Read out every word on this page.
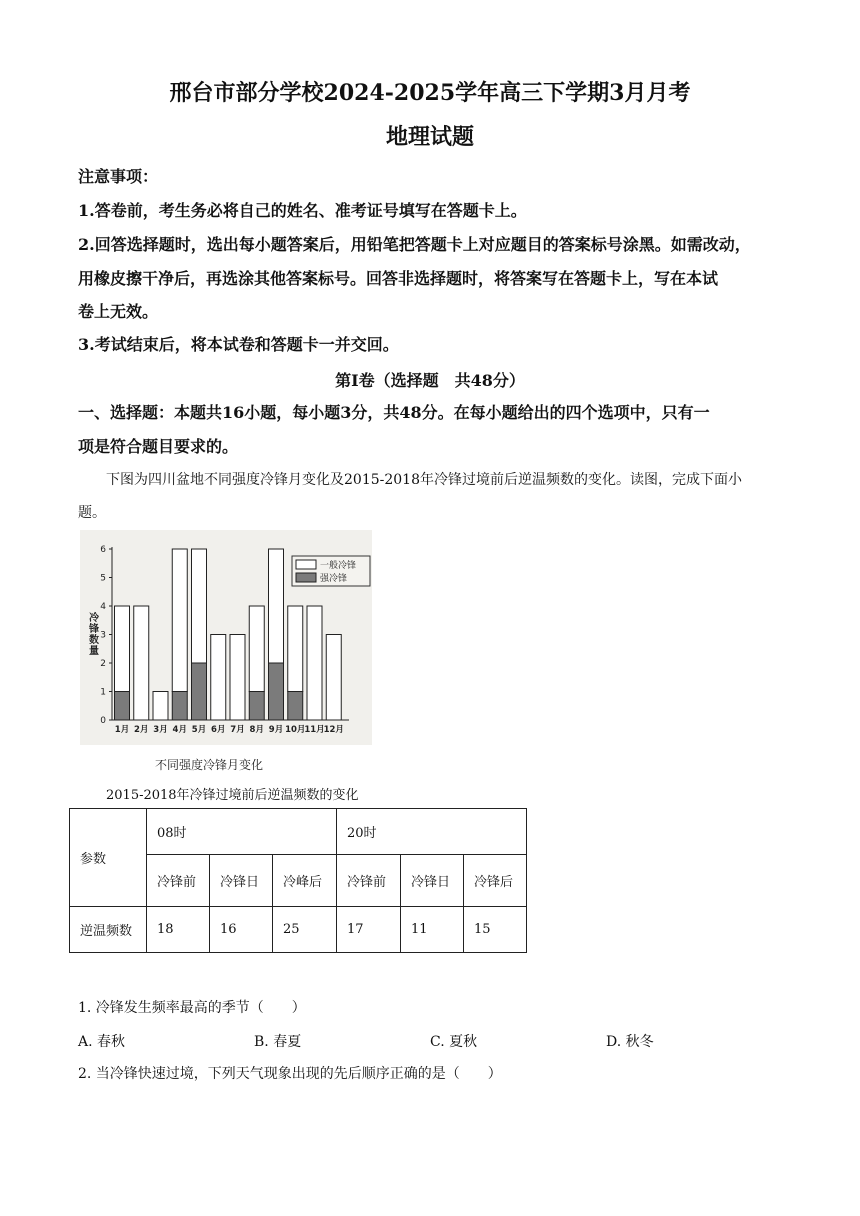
邢台市部分学校2024-2025学年高三下学期3月月考
地理试题
注意事项：
1.答卷前，考生务必将自己的姓名、准考证号填写在答题卡上。
2.回答选择题时，选出每小题答案后，用铅笔把答题卡上对应题目的答案标号涂黑。如需改动，
用橡皮擦干净后，再选涂其他答案标号。回答非选择题时，将答案写在答题卡上，写在本试
卷上无效。
3.考试结束后，将本试卷和答题卡一并交回。
第I卷（选择题　共48分）
一、选择题：本题共16小题，每小题3分，共48分。在每小题给出的四个选项中，只有一
项是符合题目要求的。
下图为四川盆地不同强度冷锋月变化及2015-2018年冷锋过境前后逆温频数的变化。读图，完成下面小
题。
0
1
2
3
4
5
6
冷锋数量
1月 2月 3月 4月 5月 6月 7月 8月 9月 10月
11月
12月
一般冷锋
强冷锋
不同强度冷锋月变化
2015-2018年冷锋过境前后逆温频数的变化
参数	08时			20时		
	冷锋前	冷锋日	冷峰后	冷锋前	冷锋日	冷锋后
逆温频数	18	16	25	17	11	15
1. 冷锋发生频率最高的季节（　　）
A. 春秋	B. 春夏	C. 夏秋	D. 秋冬
2. 当冷锋快速过境，下列天气现象出现的先后顺序正确的是（　　）
